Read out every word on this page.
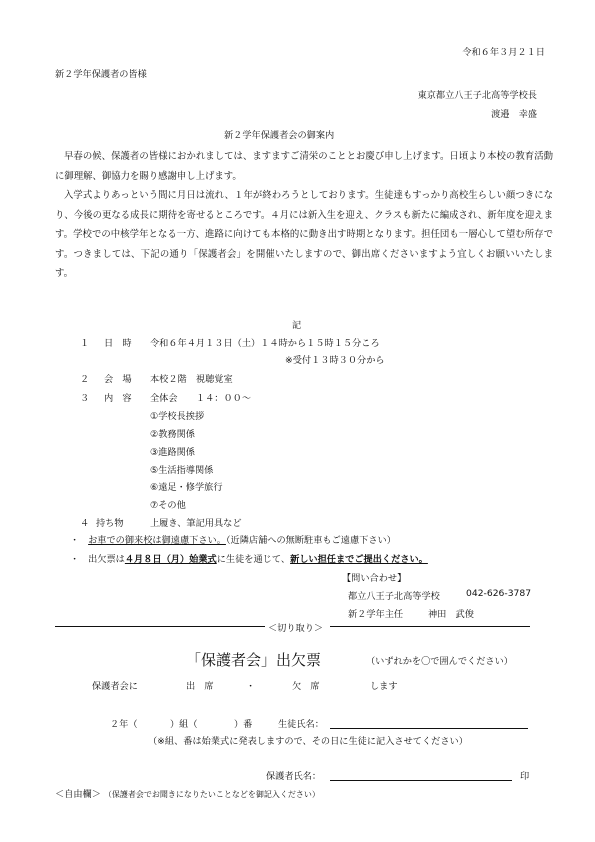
令和６年３月２１日
新２学年保護者の皆様
東京都立八王子北高等学校長
渡邉　幸盛
新２学年保護者会の御案内

早春の候、保護者の皆様におかれましては、ますますご清栄のこととお慶び申し上げます。日頃より本校の教育活動に御理解、御協力を賜り感謝申し上げます。

入学式よりあっという間に月日は流れ、１年が終わろうとしております。生徒達もすっかり高校生らしい顔つきになり、今後の更なる成長に期待を寄せるところです。４月には新入生を迎え、クラスも新たに編成され、新年度を迎えます。学校での中核学年となる一方、進路に向けても本格的に動き出す時期となります。担任団も一層心して望む所存です。つきましては、下記の通り「保護者会」を開催いたしますので、御出席くださいますよう宜しくお願いいたします。

記
１ 日　時 令和６年４月１３日（土）１４時から１５時１５分ころ
※受付１３時３０分から
２ 会　場 本校２階　視聴覚室
３ 内　容 全体会　　１４：００～
①学校長挨拶
②教務関係
③進路関係
⑤生活指導関係
⑥遠足・修学旅行
⑦その他
４ 持ち物	上履き、筆記用具など
・ お車での御来校は御遠慮下さい。（近隣店舗への無断駐車もご遠慮下さい）
・ 出欠票は４月８日（月）始業式に生徒を通じて、新しい担任までご提出ください。
【問い合わせ】
都立八王子北高等学校	042-626-3787
新２学年主任	神田　武俊
＜切り取り＞
「保護者会」出欠票	（いずれかを〇で囲んでください）
保護者会に	出　席	・	欠　席	します
２年（	）組（	）番	生徒氏名：
（※組、番は始業式に発表しますので、その日に生徒に記入させてください）
保護者氏名：	印
＜自由欄＞ （保護者会でお聞きになりたいことなどを御記入ください）
